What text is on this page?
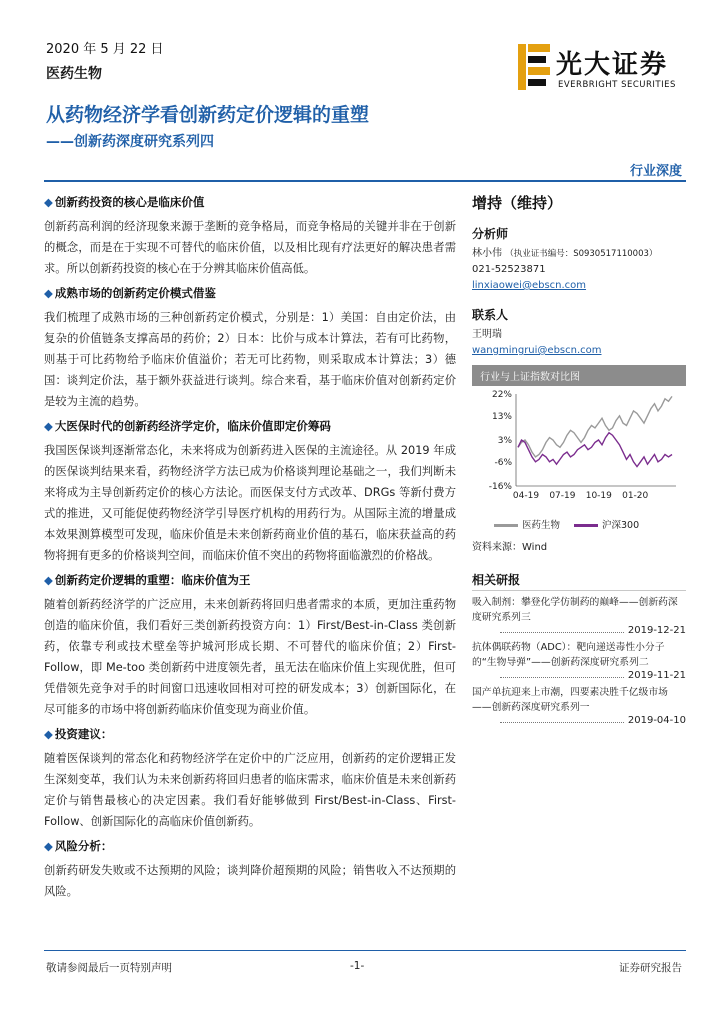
2020 年 5 月 22 日
医药生物
从药物经济学看创新药定价逻辑的重塑
——创新药深度研究系列四
光大证券
EVERBRIGHT SECURITIES
行业深度
◆ 创新药投资的核心是临床价值

创新药高利润的经济现象来源于垄断的竞争格局，而竞争格局的关键并非在于创新的概念，而是在于实现不可替代的临床价值，以及相比现有疗法更好的解决患者需求。所以创新药投资的核心在于分辨其临床价值高低。

◆ 成熟市场的创新药定价模式借鉴

我们梳理了成熟市场的三种创新药定价模式，分别是：1）美国：自由定价法，由复杂的价值链条支撑高昂的药价；2）日本：比价与成本计算法，若有可比药物，则基于可比药物给予临床价值溢价；若无可比药物，则采取成本计算法；3）德国：谈判定价法，基于额外获益进行谈判。综合来看，基于临床价值对创新药定价是较为主流的趋势。

◆ 大医保时代的创新药经济学定价，临床价值即定价筹码

我国医保谈判逐渐常态化，未来将成为创新药进入医保的主流途径。从 2019 年成的医保谈判结果来看，药物经济学方法已成为价格谈判理论基础之一，我们判断未来将成为主导创新药定价的核心方法论。而医保支付方式改革、DRGs 等新付费方式的推进，又可能促使药物经济学引导医疗机构的用药行为。从国际主流的增量成本效果测算模型可发现，临床价值是未来创新药商业价值的基石，临床获益高的药物将拥有更多的价格谈判空间，而临床价值不突出的药物将面临激烈的价格战。

◆ 创新药定价逻辑的重塑：临床价值为王

随着创新药经济学的广泛应用，未来创新药将回归患者需求的本质，更加注重药物创造的临床价值，我们看好三类创新药投资方向：1）First/Best-in-Class 类创新药，依靠专利或技术壁垒等护城河形成长期、不可替代的临床价值；2）First-Follow，即 Me-too 类创新药中进度领先者，虽无法在临床价值上实现优胜，但可凭借领先竞争对手的时间窗口迅速收回相对可控的研发成本；3）创新国际化，在尽可能多的市场中将创新药临床价值变现为商业价值。

◆ 投资建议：

随着医保谈判的常态化和药物经济学在定价中的广泛应用，创新药的定价逻辑正发生深刻变革，我们认为未来创新药将回归患者的临床需求，临床价值是未来创新药定价与销售最核心的决定因素。我们看好能够做到 First/Best-in-Class、First-Follow、创新国际化的高临床价值创新药。

◆ 风险分析：

创新药研发失败或不达预期的风险；谈判降价超预期的风险；销售收入不达预期的风险。

增持（维持）
分析师
林小伟 （执业证书编号：S0930517110003）
021-52523871
linxiaowei@ebscn.com
联系人
王明瑞
wangmingrui@ebscn.com
行业与上证指数对比图
22%
13%
3%
-6%
-16%
04-19 07-19 10-19 01-20
医药生物	沪深300
资料来源：Wind
相关研报
吸入制剂：攀登化学仿制药的巅峰——创新药深度研究系列三
2019-12-21
抗体偶联药物（ADC）：靶向递送毒性小分子的“生物导弹”——创新药深度研究系列二
2019-11-21
国产单抗迎来上市潮，四要素决胜千亿级市场——创新药深度研究系列一
2019-04-10
敬请参阅最后一页特别声明	-1-	证券研究报告
